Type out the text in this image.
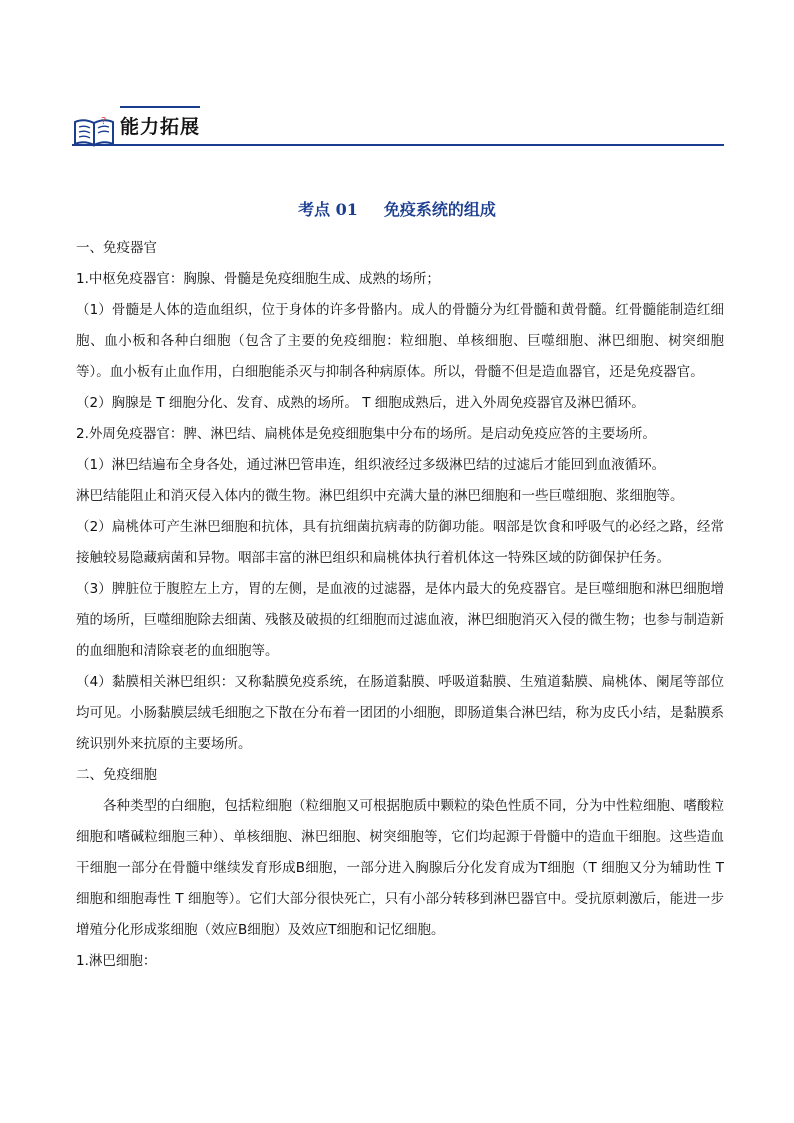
? 能力拓展
考点 01 免疫系统的组成

一、免疫器官

1.中枢免疫器官：胸腺、骨髓是免疫细胞生成、成熟的场所；

（1）骨髓是人体的造血组织，位于身体的许多骨骼内。成人的骨髓分为红骨髓和黄骨髓。红骨髓能制造红细胞、血小板和各种白细胞（包含了主要的免疫细胞：粒细胞、单核细胞、巨噬细胞、淋巴细胞、树突细胞等）。血小板有止血作用，白细胞能杀灭与抑制各种病原体。所以，骨髓不但是造血器官，还是免疫器官。

（2）胸腺是 T 细胞分化、发育、成熟的场所。 T 细胞成熟后，进入外周免疫器官及淋巴循环。

2.外周免疫器官：脾、淋巴结、扁桃体是免疫细胞集中分布的场所。是启动免疫应答的主要场所。

（1）淋巴结遍布全身各处，通过淋巴管串连，组织液经过多级淋巴结的过滤后才能回到血液循环。

淋巴结能阻止和消灭侵入体内的微生物。淋巴组织中充满大量的淋巴细胞和一些巨噬细胞、浆细胞等。

（2）扁桃体可产生淋巴细胞和抗体，具有抗细菌抗病毒的防御功能。咽部是饮食和呼吸气的必经之路，经常接触较易隐藏病菌和异物。咽部丰富的淋巴组织和扁桃体执行着机体这一特殊区域的防御保护任务。

（3）脾脏位于腹腔左上方，胃的左侧，是血液的过滤器，是体内最大的免疫器官。是巨噬细胞和淋巴细胞增殖的场所，巨噬细胞除去细菌、残骸及破损的红细胞而过滤血液，淋巴细胞消灭入侵的微生物；也参与制造新的血细胞和清除衰老的血细胞等。

（4）黏膜相关淋巴组织：又称黏膜免疫系统，在肠道黏膜、呼吸道黏膜、生殖道黏膜、扁桃体、阑尾等部位均可见。小肠黏膜层绒毛细胞之下散在分布着一团团的小细胞，即肠道集合淋巴结，称为皮氏小结，是黏膜系统识别外来抗原的主要场所。

二、免疫细胞

各种类型的白细胞，包括粒细胞（粒细胞又可根据胞质中颗粒的染色性质不同，分为中性粒细胞、嗜酸粒细胞和嗜碱粒细胞三种）、单核细胞、淋巴细胞、树突细胞等，它们均起源于骨髓中的造血干细胞。这些造血干细胞一部分在骨髓中继续发育形成B细胞，一部分进入胸腺后分化发育成为T细胞（T 细胞又分为辅助性 T 细胞和细胞毒性 T 细胞等）。它们大部分很快死亡，只有小部分转移到淋巴器官中。受抗原刺激后，能进一步增殖分化形成浆细胞（效应B细胞）及效应T细胞和记忆细胞。

1.淋巴细胞：
